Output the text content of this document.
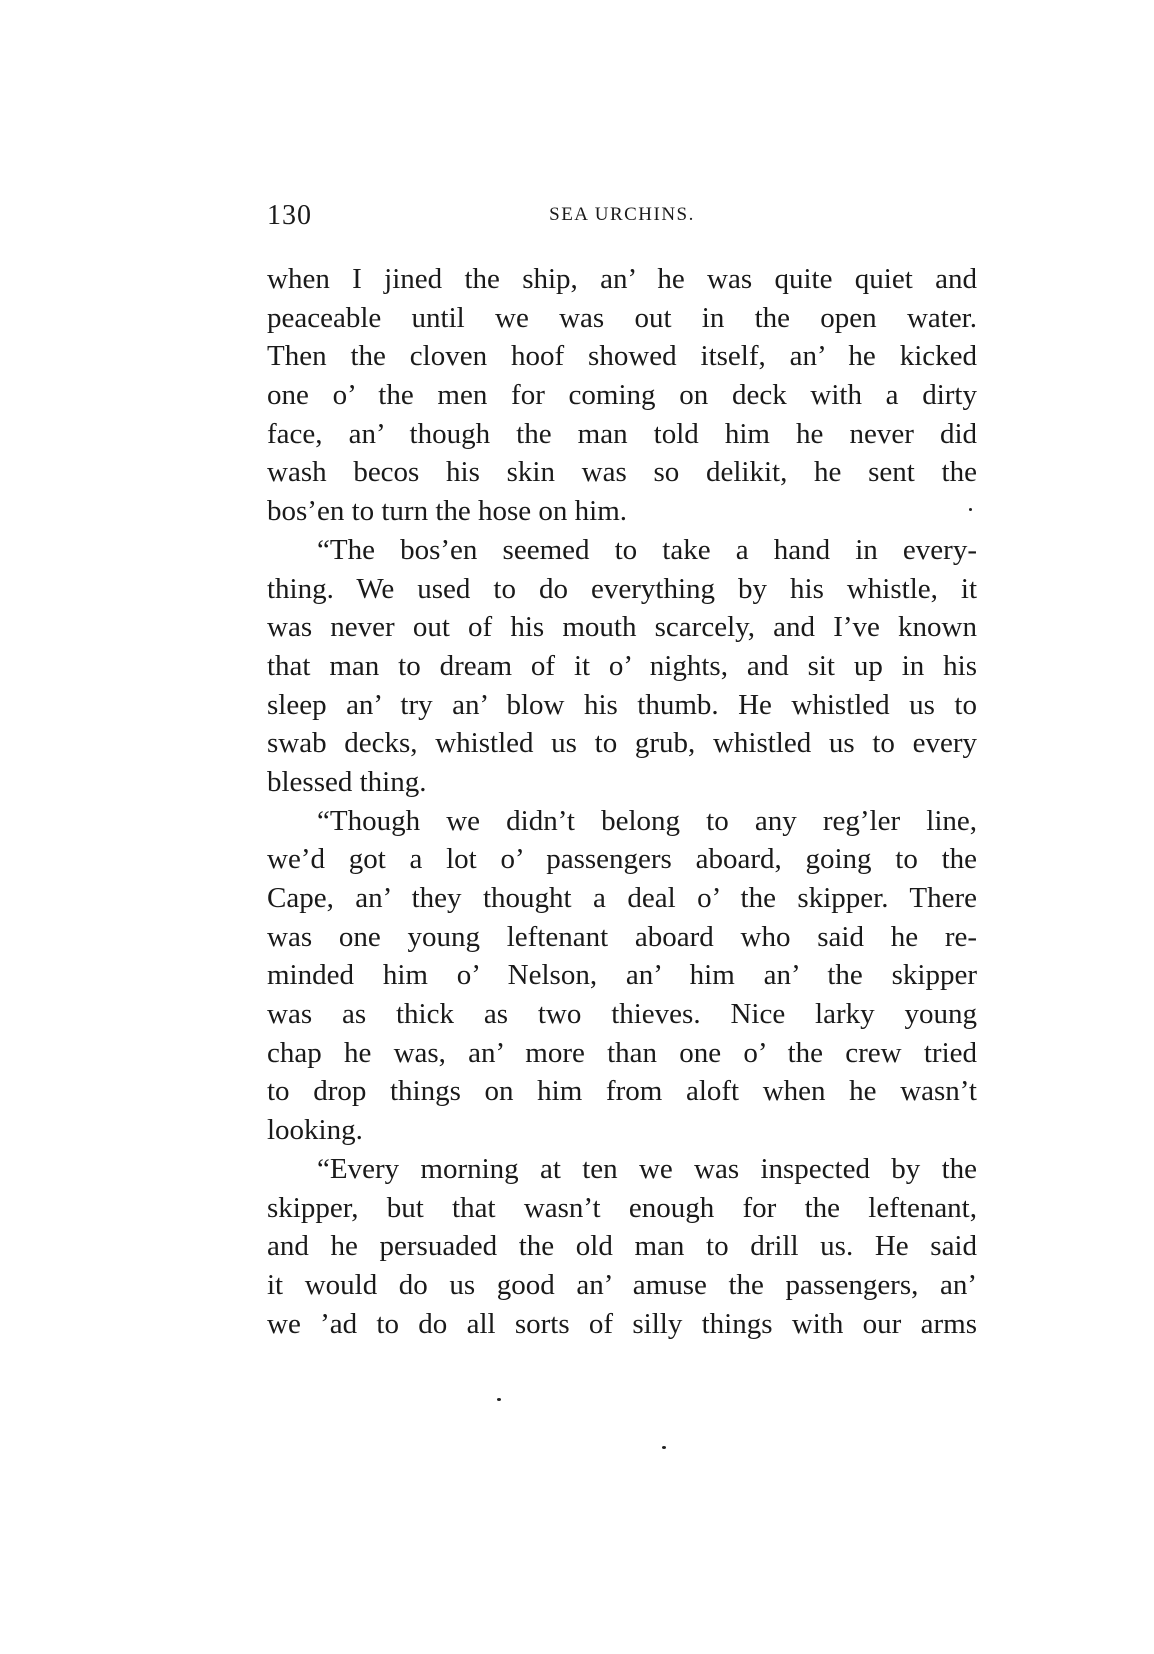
130	SEA URCHINS.
when I jined the ship, an’ he was quite quiet and
peaceable until we was out in the open water.
Then the cloven hoof showed itself, an’ he kicked
one o’ the men for coming on deck with a dirty
face, an’ though the man told him he never did
wash becos his skin was so delikit, he sent the
bos’en to turn the hose on him.
“The bos’en seemed to take a hand in every-
thing. We used to do everything by his whistle, it
was never out of his mouth scarcely, and I’ve known
that man to dream of it o’ nights, and sit up in his
sleep an’ try an’ blow his thumb. He whistled us to
swab decks, whistled us to grub, whistled us to every
blessed thing.
“Though we didn’t belong to any reg’ler line,
we’d got a lot o’ passengers aboard, going to the
Cape, an’ they thought a deal o’ the skipper. There
was one young leftenant aboard who said he re-
minded him o’ Nelson, an’ him an’ the skipper
was as thick as two thieves. Nice larky young
chap he was, an’ more than one o’ the crew tried
to drop things on him from aloft when he wasn’t
looking.
“Every morning at ten we was inspected by the
skipper, but that wasn’t enough for the leftenant,
and he persuaded the old man to drill us. He said
it would do us good an’ amuse the passengers, an’
we ’ad to do all sorts of silly things with our arms
